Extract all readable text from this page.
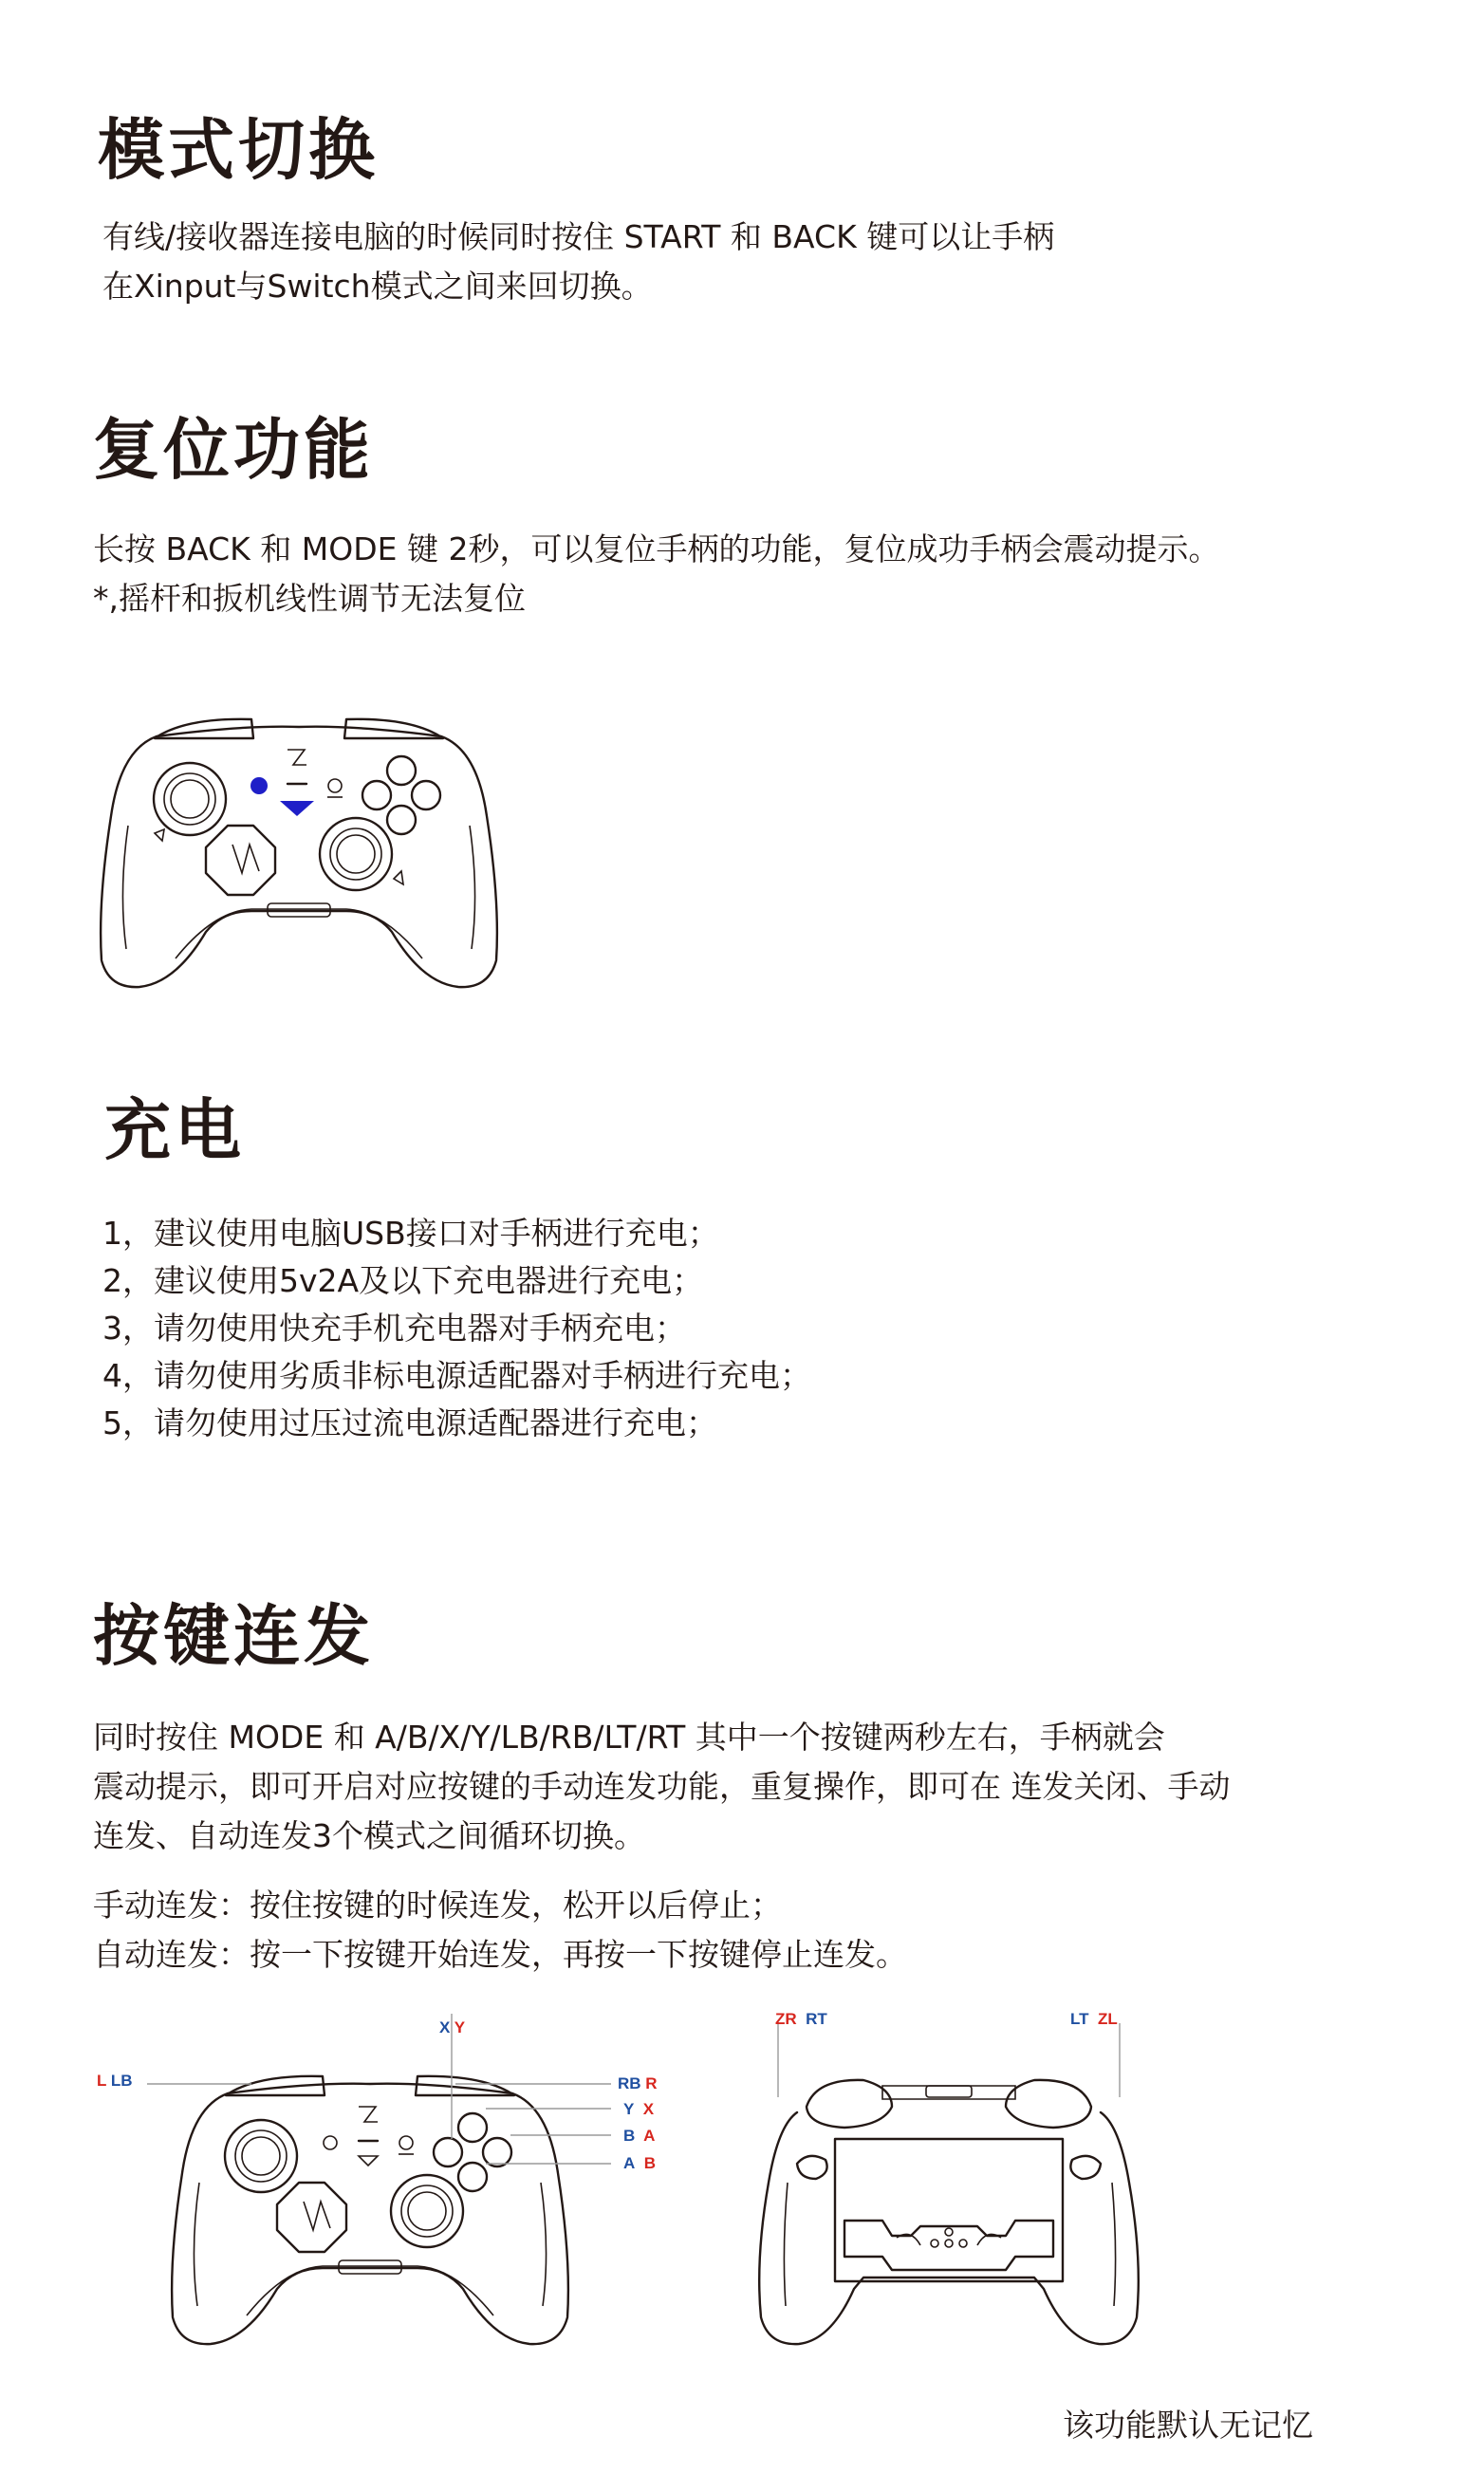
模式切换
有线/接收器连接电脑的时候同时按住 START 和 BACK 键可以让手柄
在Xinput与Switch模式之间来回切换。
复位功能
长按 BACK 和 MODE 键 2秒，可以复位手柄的功能，复位成功手柄会震动提示。
*,摇杆和扳机线性调节无法复位
充电
1，建议使用电脑USB接口对手柄进行充电；
2，建议使用5v2A及以下充电器进行充电；
3，请勿使用快充手机充电器对手柄充电；
4，请勿使用劣质非标电源适配器对手柄进行充电；
5，请勿使用过压过流电源适配器进行充电；
按键连发
同时按住 MODE 和 A/B/X/Y/LB/RB/LT/RT 其中一个按键两秒左右，手柄就会
震动提示，即可开启对应按键的手动连发功能，重复操作，即可在 连发关闭、手动
连发、自动连发3个模式之间循环切换。
手动连发：按住按键的时候连发，松开以后停止；
自动连发：按一下按键开始连发，再按一下按键停止连发。
X Y
L LB	RB R
Y X
B A
A B
ZR RT	LT ZL
该功能默认无记忆
